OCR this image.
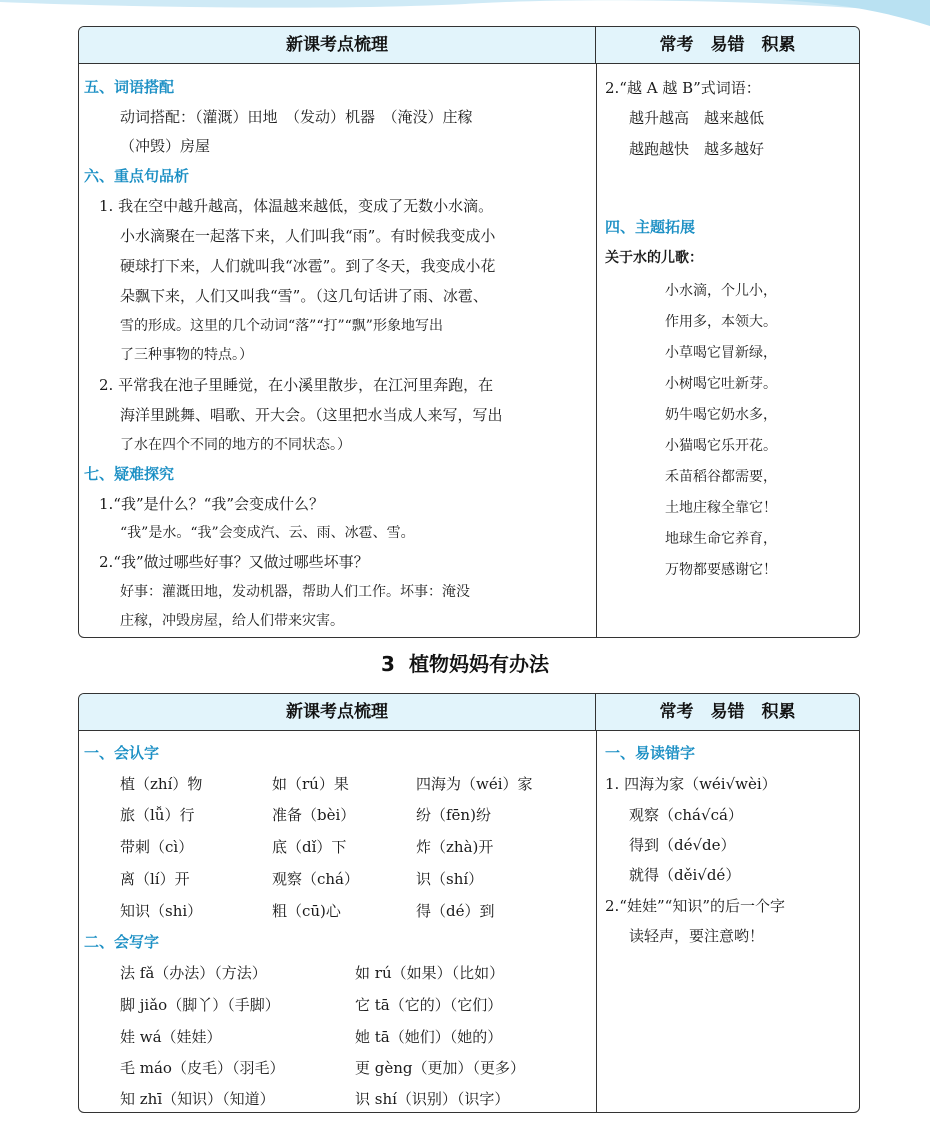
新课考点梳理	常考　易错　积累
五、词语搭配
动词搭配：（灌溉）田地　（发动）机器　（淹没）庄稼
（冲毁）房屋
六、重点句品析
1. 我在空中越升越高，体温越来越低，变成了无数小水滴。
小水滴聚在一起落下来，人们叫我“雨”。有时候我变成小
硬球打下来，人们就叫我“冰雹”。到了冬天，我变成小花
朵飘下来，人们又叫我“雪”。（这几句话讲了雨、冰雹、
雪的形成。这里的几个动词“落”“打”“飘”形象地写出
了三种事物的特点。）
2. 平常我在池子里睡觉，在小溪里散步，在江河里奔跑，在
海洋里跳舞、唱歌、开大会。（这里把水当成人来写，写出
了水在四个不同的地方的不同状态。）
七、疑难探究
1.“我”是什么？“我”会变成什么？
“我”是水。“我”会变成汽、云、雨、冰雹、雪。
2.“我”做过哪些好事？又做过哪些坏事？
好事：灌溉田地，发动机器，帮助人们工作。坏事：淹没
庄稼，冲毁房屋，给人们带来灾害。
2.“越 A 越 B”式词语：
越升越高　越来越低
越跑越快　越多越好
四、主题拓展
关于水的儿歌：
小水滴，个儿小，
作用多，本领大。
小草喝它冒新绿，
小树喝它吐新芽。
奶牛喝它奶水多，
小猫喝它乐开花。
禾苗稻谷都需要，
土地庄稼全靠它！
地球生命它养育，
万物都要感谢它！
3 植物妈妈有办法
新课考点梳理	常考　易错　积累
一、会认字
植（zhí）物	如（rú）果	四海为（wéi）家
旅（lǚ）行	准备（bèi）	纷（fēn)纷
带刺（cì）	底（dǐ）下	炸（zhà)开
离（lí）开	观察（chá）	识（shí）
知识（shi）	粗（cū)心	得（dé）到
二、会写字
法 fǎ（办法）（方法）	如 rú（如果）（比如）
脚 jiǎo（脚丫）（手脚）	它 tā（它的）（它们）
娃 wá（娃娃）	她 tā（她们）（她的）
毛 máo（皮毛）（羽毛）	更 gèng（更加）（更多）
知 zhī（知识）（知道）	识 shí（识别）（识字）
一、易读错字
1. 四海为家（wéi√wèi）
观察（chá√cá）
得到（dé√de）
就得（děi√dé）
2.“娃娃”“知识”的后一个字
读轻声，要注意哟！
